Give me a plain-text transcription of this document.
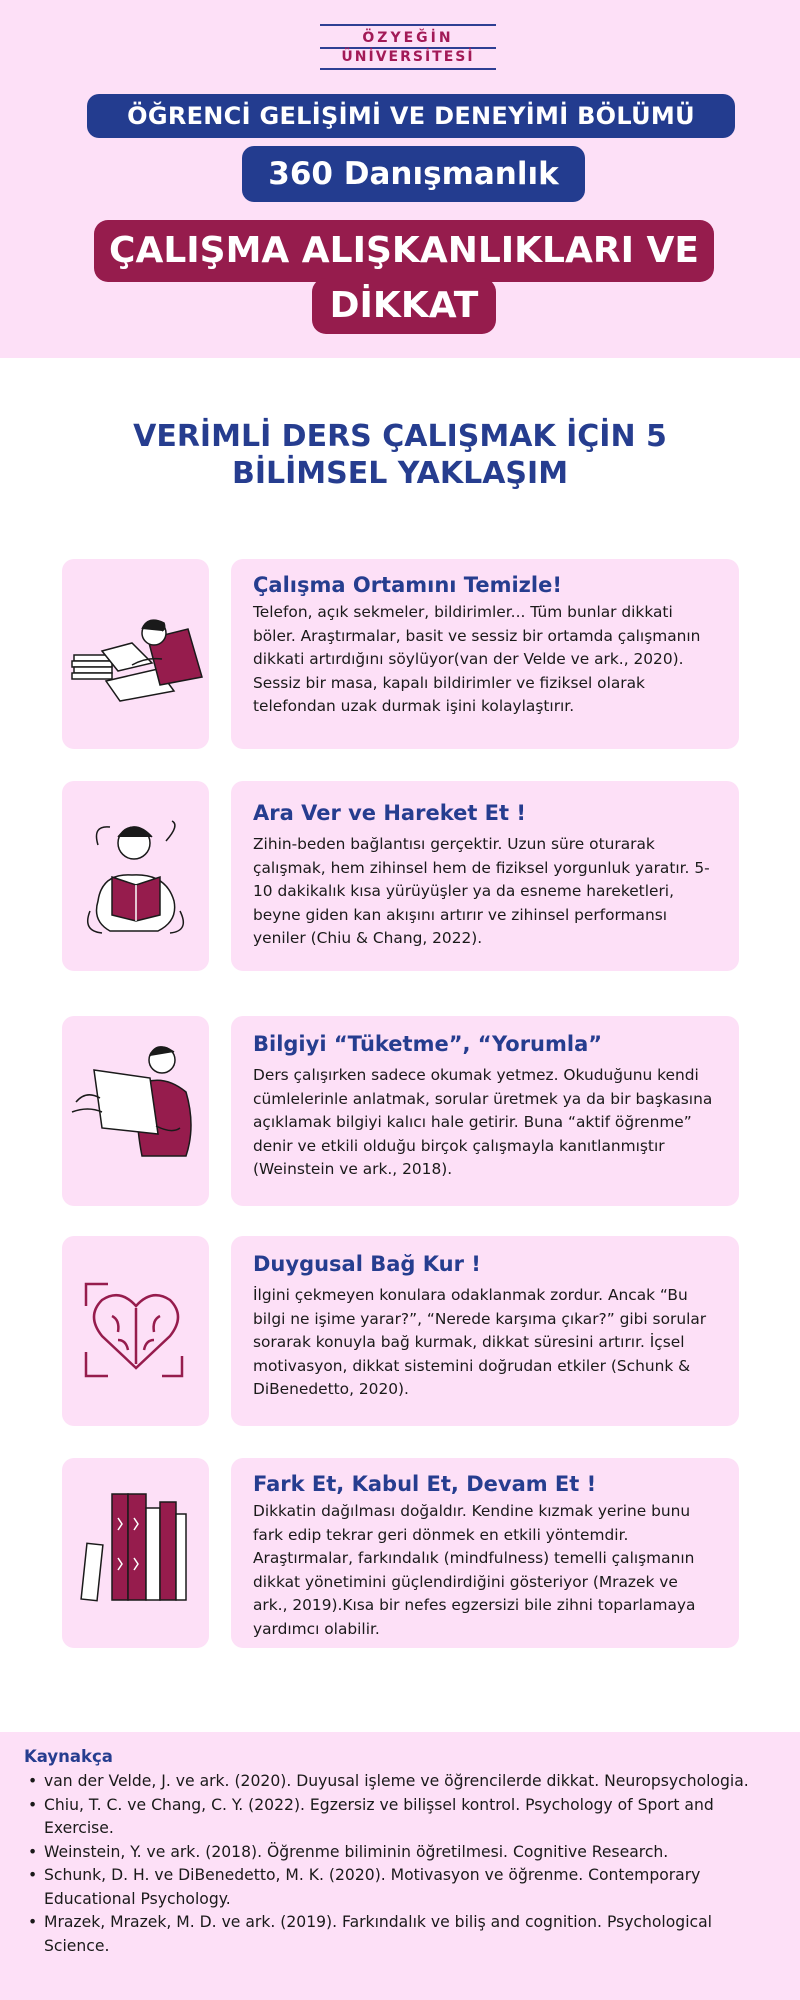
ÖZYEĞİN
ÜNİVERSİTESİ
ÖĞRENCİ GELİŞİMİ VE DENEYİMİ BÖLÜMÜ
360 Danışmanlık
ÇALIŞMA ALIŞKANLIKLARI VE
DİKKAT
VERİMLİ DERS ÇALIŞMAK İÇİN 5
BİLİMSEL YAKLAŞIM
Çalışma Ortamını Temizle!
Telefon, açık sekmeler, bildirimler... Tüm bunlar dikkati böler. Araştırmalar, basit ve sessiz bir ortamda çalışmanın dikkati artırdığını söylüyor(van der Velde ve ark., 2020). Sessiz bir masa, kapalı bildirimler ve fiziksel olarak telefondan uzak durmak işini kolaylaştırır.
Ara Ver ve Hareket Et !
Zihin-beden bağlantısı gerçektir. Uzun süre oturarak çalışmak, hem zihinsel hem de fiziksel yorgunluk yaratır. 5-10 dakikalık kısa yürüyüşler ya da esneme hareketleri, beyne giden kan akışını artırır ve zihinsel performansı yeniler (Chiu & Chang, 2022).
Bilgiyi “Tüketme”, “Yorumla”
Ders çalışırken sadece okumak yetmez. Okuduğunu kendi cümlelerinle anlatmak, sorular üretmek ya da bir başkasına açıklamak bilgiyi kalıcı hale getirir. Buna “aktif öğrenme” denir ve etkili olduğu birçok çalışmayla kanıtlanmıştır (Weinstein ve ark., 2018).
Duygusal Bağ Kur !
İlgini çekmeyen konulara odaklanmak zordur. Ancak “Bu bilgi ne işime yarar?”, “Nerede karşıma çıkar?” gibi sorular sorarak konuyla bağ kurmak, dikkat süresini artırır. İçsel motivasyon, dikkat sistemini doğrudan etkiler (Schunk & DiBenedetto, 2020).
Fark Et, Kabul Et, Devam Et !
Dikkatin dağılması doğaldır. Kendine kızmak yerine bunu fark edip tekrar geri dönmek en etkili yöntemdir. Araştırmalar, farkındalık (mindfulness) temelli çalışmanın dikkat yönetimini güçlendirdiğini gösteriyor (Mrazek ve ark., 2019).Kısa bir nefes egzersizi bile zihni toparlamaya yardımcı olabilir.
Kaynakça
• van der Velde, J. ve ark. (2020). Duyusal işleme ve öğrencilerde dikkat. Neuropsychologia.
• Chiu, T. C. ve Chang, C. Y. (2022). Egzersiz ve bilişsel kontrol. Psychology of Sport and Exercise.
• Weinstein, Y. ve ark. (2018). Öğrenme biliminin öğretilmesi. Cognitive Research.
• Schunk, D. H. ve DiBenedetto, M. K. (2020). Motivasyon ve öğrenme. Contemporary Educational Psychology.
• Mrazek, Mrazek, M. D. ve ark. (2019). Farkındalık ve biliş and cognition. Psychological Science.
